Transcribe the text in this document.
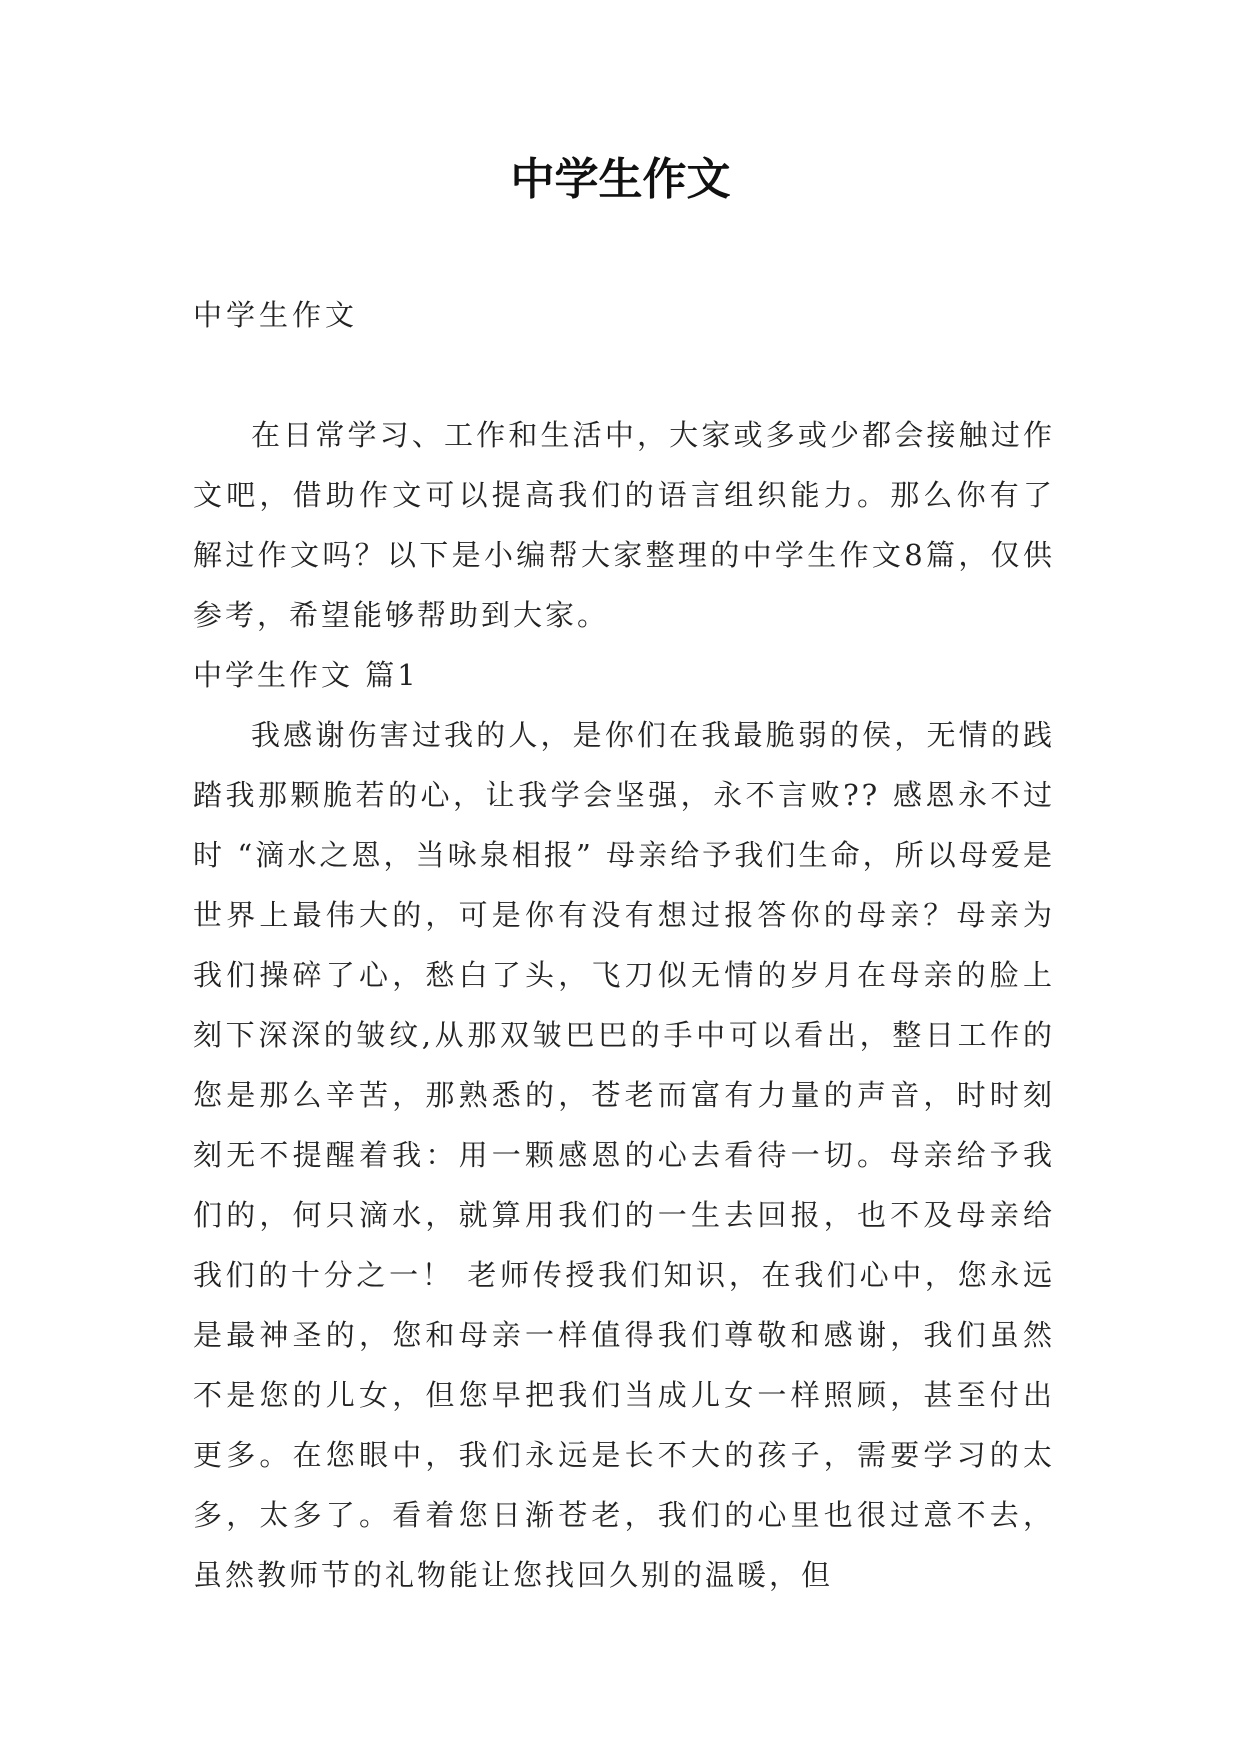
中学生作文

中学生作文

在日常学习、工作和生活中，大家或多或少都会接触过作文吧，借助作文可以提高我们的语言组织能力。那么你有了解过作文吗？以下是小编帮大家整理的中学生作文8篇，仅供参考，希望能够帮助到大家。

中学生作文 篇1

我感谢伤害过我的人，是你们在我最脆弱的侯，无情的践踏我那颗脆若的心，让我学会坚强，永不言败?? 感恩永不过时 “滴水之恩，当咏泉相报” 母亲给予我们生命，所以母爱是世界上最伟大的，可是你有没有想过报答你的母亲？母亲为我们操碎了心，愁白了头，飞刀似无情的岁月在母亲的脸上刻下深深的皱纹,从那双皱巴巴的手中可以看出，整日工作的您是那么辛苦，那熟悉的，苍老而富有力量的声音，时时刻刻无不提醒着我：用一颗感恩的心去看待一切。母亲给予我们的，何只滴水，就算用我们的一生去回报，也不及母亲给我们的十分之一！ 老师传授我们知识，在我们心中，您永远是最神圣的，您和母亲一样值得我们尊敬和感谢，我们虽然不是您的儿女，但您早把我们当成儿女一样照顾，甚至付出更多。在您眼中，我们永远是长不大的孩子，需要学习的太多，太多了。看着您日渐苍老，我们的心里也很过意不去，虽然教师节的礼物能让您找回久别的温暖，但
